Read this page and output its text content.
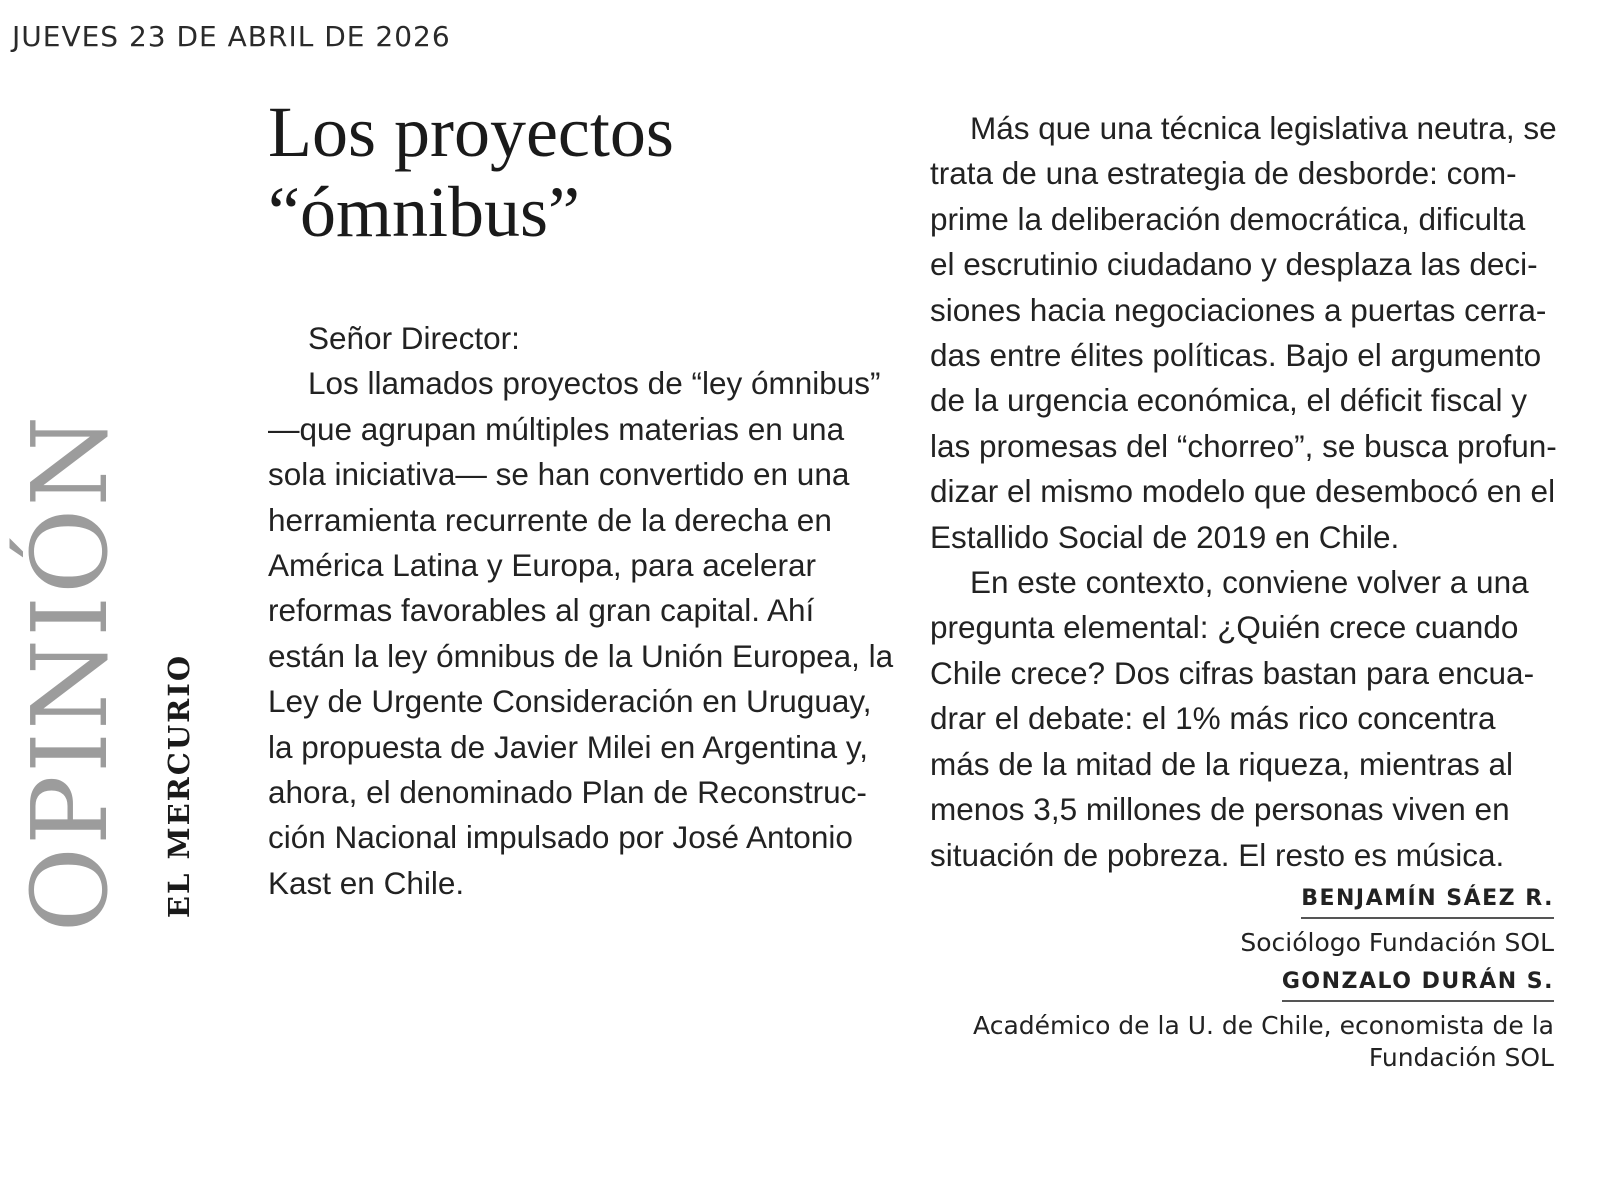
JUEVES 23 DE ABRIL DE 2026
OPINIÓN EL MERCURIO
Los proyectos
“ómnibus”
Señor Director:
Los llamados proyectos de “ley ómnibus”
—que agrupan múltiples materias en una
sola iniciativa— se han convertido en una
herramienta recurrente de la derecha en
América Latina y Europa, para acelerar
reformas favorables al gran capital. Ahí
están la ley ómnibus de la Unión Europea, la
Ley de Urgente Consideración en Uruguay,
la propuesta de Javier Milei en Argentina y,
ahora, el denominado Plan de Reconstruc-
ción Nacional impulsado por José Antonio
Kast en Chile.
Más que una técnica legislativa neutra, se
trata de una estrategia de desborde: com-
prime la deliberación democrática, dificulta
el escrutinio ciudadano y desplaza las deci-
siones hacia negociaciones a puertas cerra-
das entre élites políticas. Bajo el argumento
de la urgencia económica, el déficit fiscal y
las promesas del “chorreo”, se busca profun-
dizar el mismo modelo que desembocó en el
Estallido Social de 2019 en Chile.
En este contexto, conviene volver a una
pregunta elemental: ¿Quién crece cuando
Chile crece? Dos cifras bastan para encua-
drar el debate: el 1% más rico concentra
más de la mitad de la riqueza, mientras al
menos 3,5 millones de personas viven en
situación de pobreza. El resto es música.
BENJAMÍN SÁEZ R.
Sociólogo Fundación SOL
GONZALO DURÁN S.
Académico de la U. de Chile, economista de la
Fundación SOL
